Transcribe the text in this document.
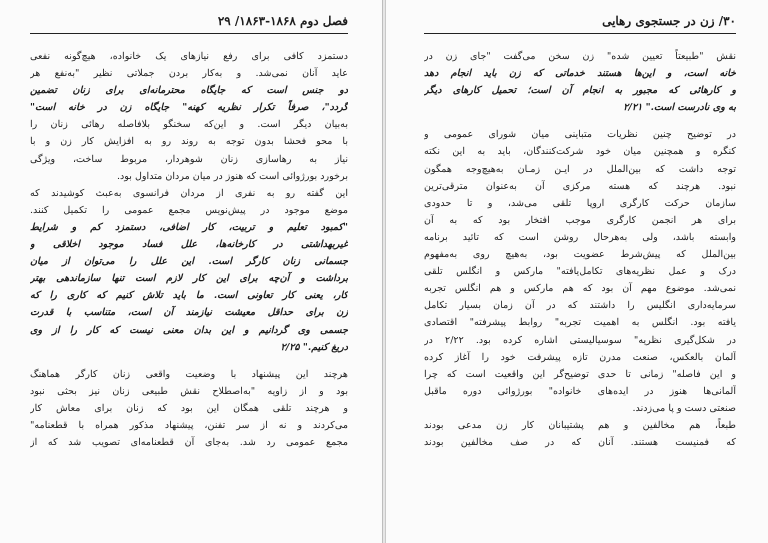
فصل دوم ۱۸۶۸-۱۸۶۳/ ۲۹
دستمزد کافی برای رفع نیازهای یک خانواده، هیچ‌گونه نفعی
عاید آنان نمی‌شد. و به‌کار بردن جملاتی نظیر "به‌نفع هر
دو جنس است که جایگاه محترمانه‌ای برای زنان تضمین
گردد"، صرفاً تکرار نظریه کهنه" جایگاه زن در خانه است"
به‌بیان دیگر است. و این‌که سخنگو بلافاصله رهائی زنان را
با محو فحشا بدون توجه به روند رو به افزایش کار زن و با
نیاز به رهاسازی زنان شوهردار، مربوط ساخت، ویژگی
برخورد بورژوائی است که هنوز در میان مردان متداول بود.
این گفته رو به نفری از مردان فرانسوی به‌عبث کوشیدند که
موضع موجود در پیش‌نویس مجمع عمومی را تکمیل کنند.
"کمبود تعلیم و تربیت، کار اضافی، دستمزد کم و شرایط
غیربهداشتی در کارخانه‌ها، علل فساد موجود اخلاقی و
جسمانی زنان کارگر است. این علل را می‌توان از میان
برداشت و آن‌چه برای این کار لازم است تنها سازماندهی بهتر
کار، یعنی کار تعاونی است. ما باید تلاش کنیم که کاری را که
زن برای حداقل معیشت نیازمند آن است، متناسب با قدرت
جسمی وی گردانیم و این بدان معنی نیست که کار را از وی
دریغ کنیم." ۲/۲۵
هرچند این پیشنهاد با وضعیت واقعی زنان کارگر هماهنگ
بود و از زاویه "به‌اصطلاح نقش طبیعی زنان نیز بحثی نبود
و هرچند تلقی همگان این بود که زنان برای معاش کار
می‌کردند و نه از سر تفنن، پیشنهاد مذکور همراه با قطعنامه‌"
مجمع عمومی رد شد. به‌جای آن قطعنامه‌ای تصویب شد که از
۳۰/ زن در جستجوی رهایی
نقش "طبیعتاً تعیین شده" زن سخن می‌گفت "جای زن در
خانه است، و این‌ها هستند خدماتی که زن باید انجام دهد
و کارهائی که مجبور به انجام آن است؛ تحمیل کارهای دیگر
به وی نادرست است." ۲/۲۱
در توضیح چنین نظریات متباینی میان شورای عمومی و
کنگره و همچنین میان خود شرکت‌کنندگان، باید به این نکته
توجه داشت که بین‌الملل در ایـن زمـان به‌هیچ‌وجه همگون
نبود. هرچند که هسته مرکزی آن به‌عنوان مترقی‌ترین
سازمان حرکت کارگری اروپا تلقی می‌شد، و تا حدودی
برای هر انجمن کارگری موجب افتخار بود که به آن
وابسته باشد، ولی به‌هرحال روشن است که تائید برنامه
بین‌الملل که پیش‌شرط عضویت بود، به‌هیچ روی به‌مفهوم
درک و عمل نظریه‌های تکامل‌یافته" مارکس و انگلس تلقی
نمی‌شد. موضوع مهم آن بود که هم مارکس و هم انگلس تجربه
سرمایه‌داری انگلیس را داشتند که در آن زمان بسیار تکامل
یافته بود. انگلس به اهمیت تجربه" روابط پیشرفته" اقتصادی
در شکل‌گیری نظریه" سوسیالیستی اشاره کرده بود. ۲/۲۲ در
آلمان بالعکس، صنعت مدرن تازه پیشرفت خود را آغاز کرده
و این فاصله" زمانی تا حدی توضیح‌گر این واقعیت است که چرا
آلمانی‌ها هنوز در ایده‌های خانواده" بورژوائی دوره ماقبل
صنعتی دست و پا می‌زدند.
طبعاً، هم مخالفین و هم پشتیبانان کار زن مدعی بودند
که فمنیست هستند. آنان که در صف مخالفین بودند
